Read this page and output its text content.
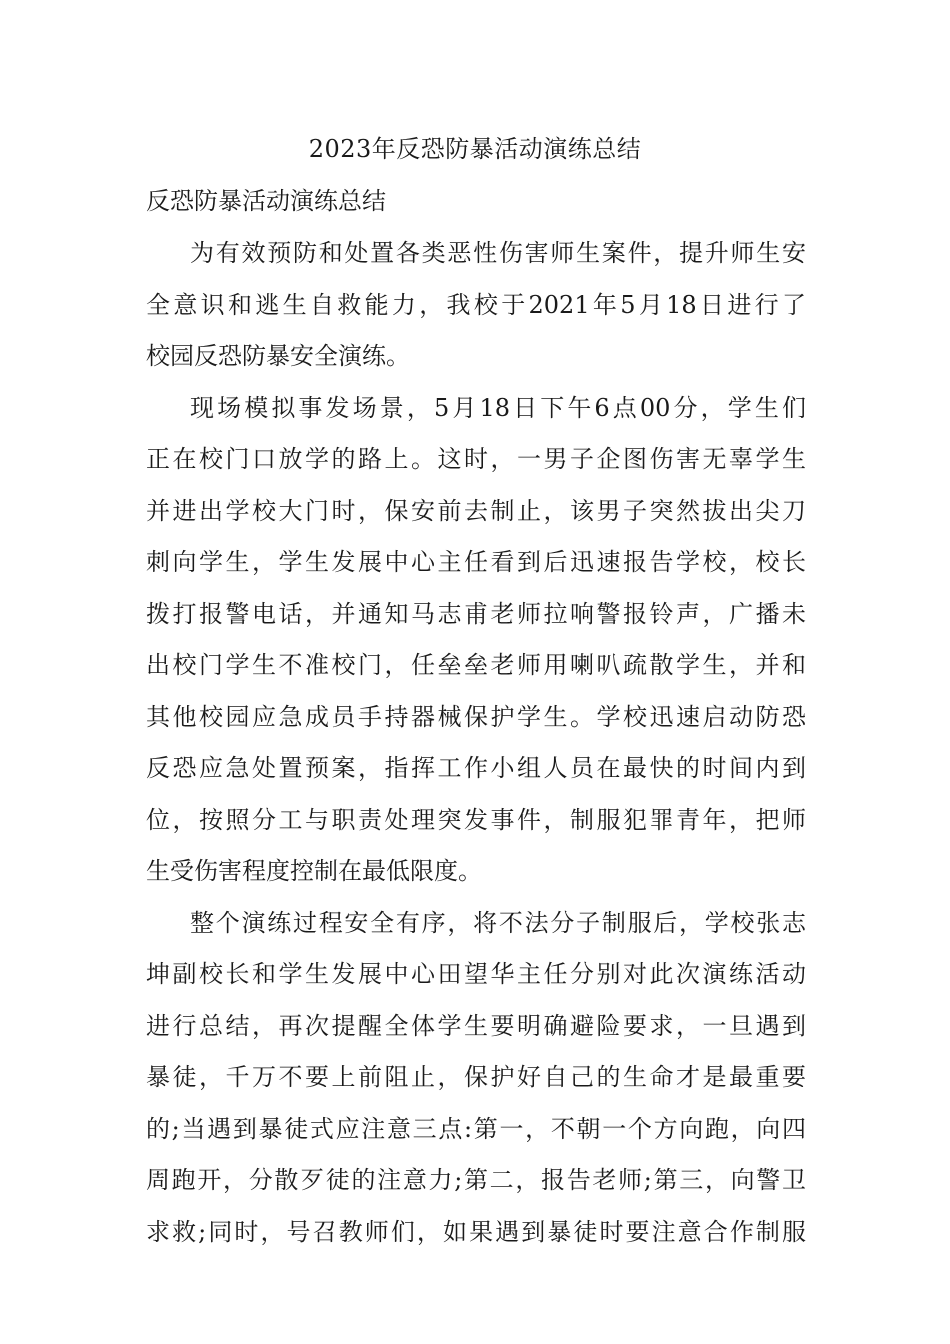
2023年反恐防暴活动演练总结
反恐防暴活动演练总结
为有效预防和处置各类恶性伤害师生案件，提升师生安
全意识和逃生自救能力，我校于2021年5月18日进行了
校园反恐防暴安全演练。
现场模拟事发场景，5月18日下午6点00分，学生们
正在校门口放学的路上。这时，一男子企图伤害无辜学生
并进出学校大门时，保安前去制止，该男子突然拔出尖刀
刺向学生，学生发展中心主任看到后迅速报告学校，校长
拨打报警电话，并通知马志甫老师拉响警报铃声，广播未
出校门学生不准校门，任垒垒老师用喇叭疏散学生，并和
其他校园应急成员手持器械保护学生。学校迅速启动防恐
反恐应急处置预案，指挥工作小组人员在最快的时间内到
位，按照分工与职责处理突发事件，制服犯罪青年，把师
生受伤害程度控制在最低限度。
整个演练过程安全有序，将不法分子制服后，学校张志
坤副校长和学生发展中心田望华主任分别对此次演练活动
进行总结，再次提醒全体学生要明确避险要求，一旦遇到
暴徒，千万不要上前阻止，保护好自己的生命才是最重要
的;当遇到暴徒式应注意三点:第一，不朝一个方向跑，向四
周跑开，分散歹徒的注意力;第二，报告老师;第三，向警卫
求救;同时，号召教师们，如果遇到暴徒时要注意合作制服
